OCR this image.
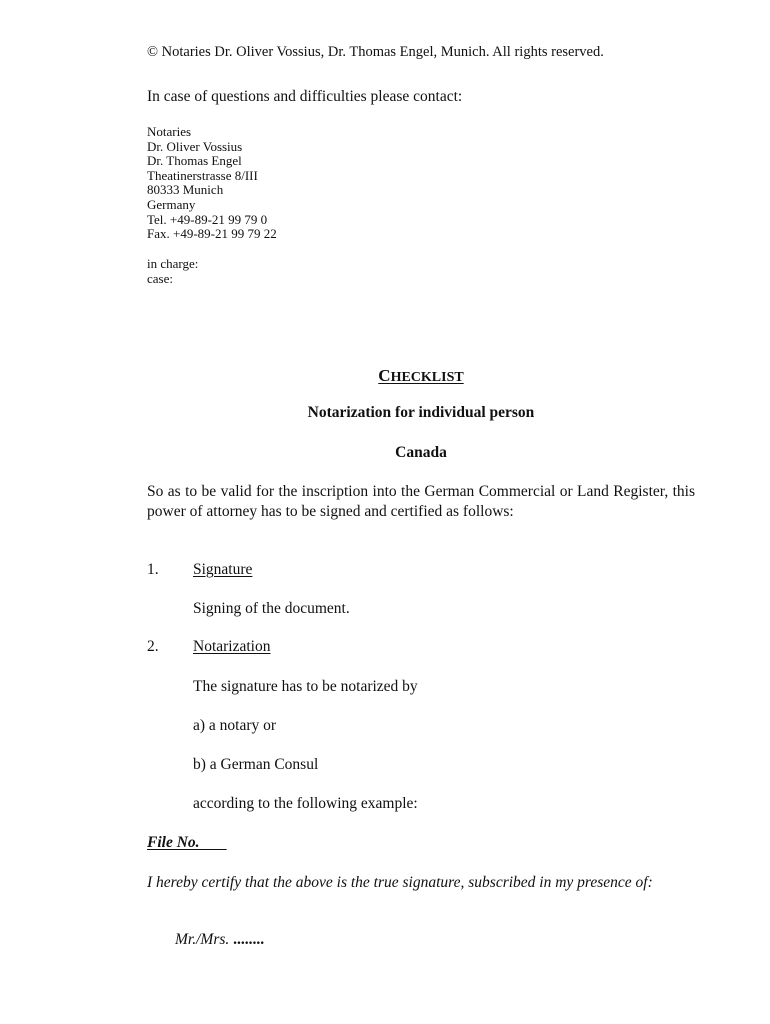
© Notaries Dr. Oliver Vossius, Dr. Thomas Engel, Munich. All rights reserved.
In case of questions and difficulties please contact:
Notaries
Dr. Oliver Vossius
Dr. Thomas Engel
Theatinerstrasse 8/III
80333 Munich
Germany
Tel. +49-89-21 99 79 0
Fax. +49-89-21 99 79 22
in charge:
case:
CHECKLIST
Notarization for individual person
Canada
So as to be valid for the inscription into the German Commercial or Land Register, this power of attorney has to be signed and certified as follows:
1. Signature
Signing of the document.
2. Notarization
The signature has to be notarized by
a) a notary or
b) a German Consul
according to the following example:
File No.
I hereby certify that the above is the true signature, subscribed in my presence of:
Mr./Mrs. ........
